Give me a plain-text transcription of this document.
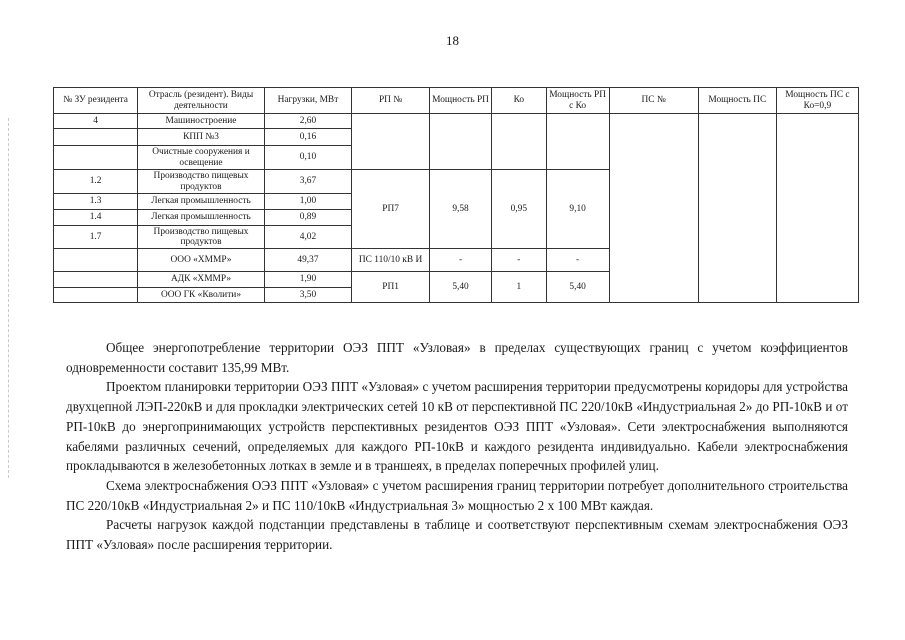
18
№ ЗУ резидента	Отрасль (резидент). Виды деятельности	Нагрузки, МВт	РП №	Мощность РП	Ко	Мощность РП с Ко	ПС №	Мощность ПС	Мощность ПС с Ко=0,9
4	Машиностроение	2,60							
	КПП №3	0,16							
	Очистные сооружения и освещение	0,10							
1.2	Производство пищевых продуктов	3,67	РП7	9,58	0,95	9,10			
1.3	Легкая промышленность	1,00							
1.4	Легкая промышленность	0,89							
1.7	Производство пищевых продуктов	4,02							
	ООО «ХММР»	49,37	ПС 110/10 кВ И	-	-	-			
	АДК «ХММР»	1,90	РП1	5,40	1	5,40			
	ООО ГК «Кволити»	3,50							

Общее энергопотребление территории ОЭЗ ППТ «Узловая» в пределах существующих границ с учетом коэффициентов одновременности составит 135,99 МВт.

Проектом планировки территории ОЭЗ ППТ «Узловая» с учетом расширения территории предусмотрены коридоры для устройства двухцепной ЛЭП-220кВ и для прокладки электрических сетей 10 кВ от перспективной ПС 220/10кВ «Индустриальная 2» до РП-10кВ и от РП-10кВ до энергопринимающих устройств перспективных резидентов ОЭЗ ППТ «Узловая». Сети электроснабжения выполняются кабелями различных сечений, определяемых для каждого РП-10кВ и каждого резидента индивидуально. Кабели электроснабжения прокладываются в железобетонных лотках в земле и в траншеях, в пределах поперечных профилей улиц.

Схема электроснабжения ОЭЗ ППТ «Узловая» с учетом расширения границ территории потребует дополнительного строительства ПС 220/10кВ «Индустриальная 2» и ПС 110/10кВ «Индустриальная 3» мощностью 2 х 100 МВт каждая.

Расчеты нагрузок каждой подстанции представлены в таблице и соответствуют перспективным схемам электроснабжения ОЭЗ ППТ «Узловая» после расширения территории.
